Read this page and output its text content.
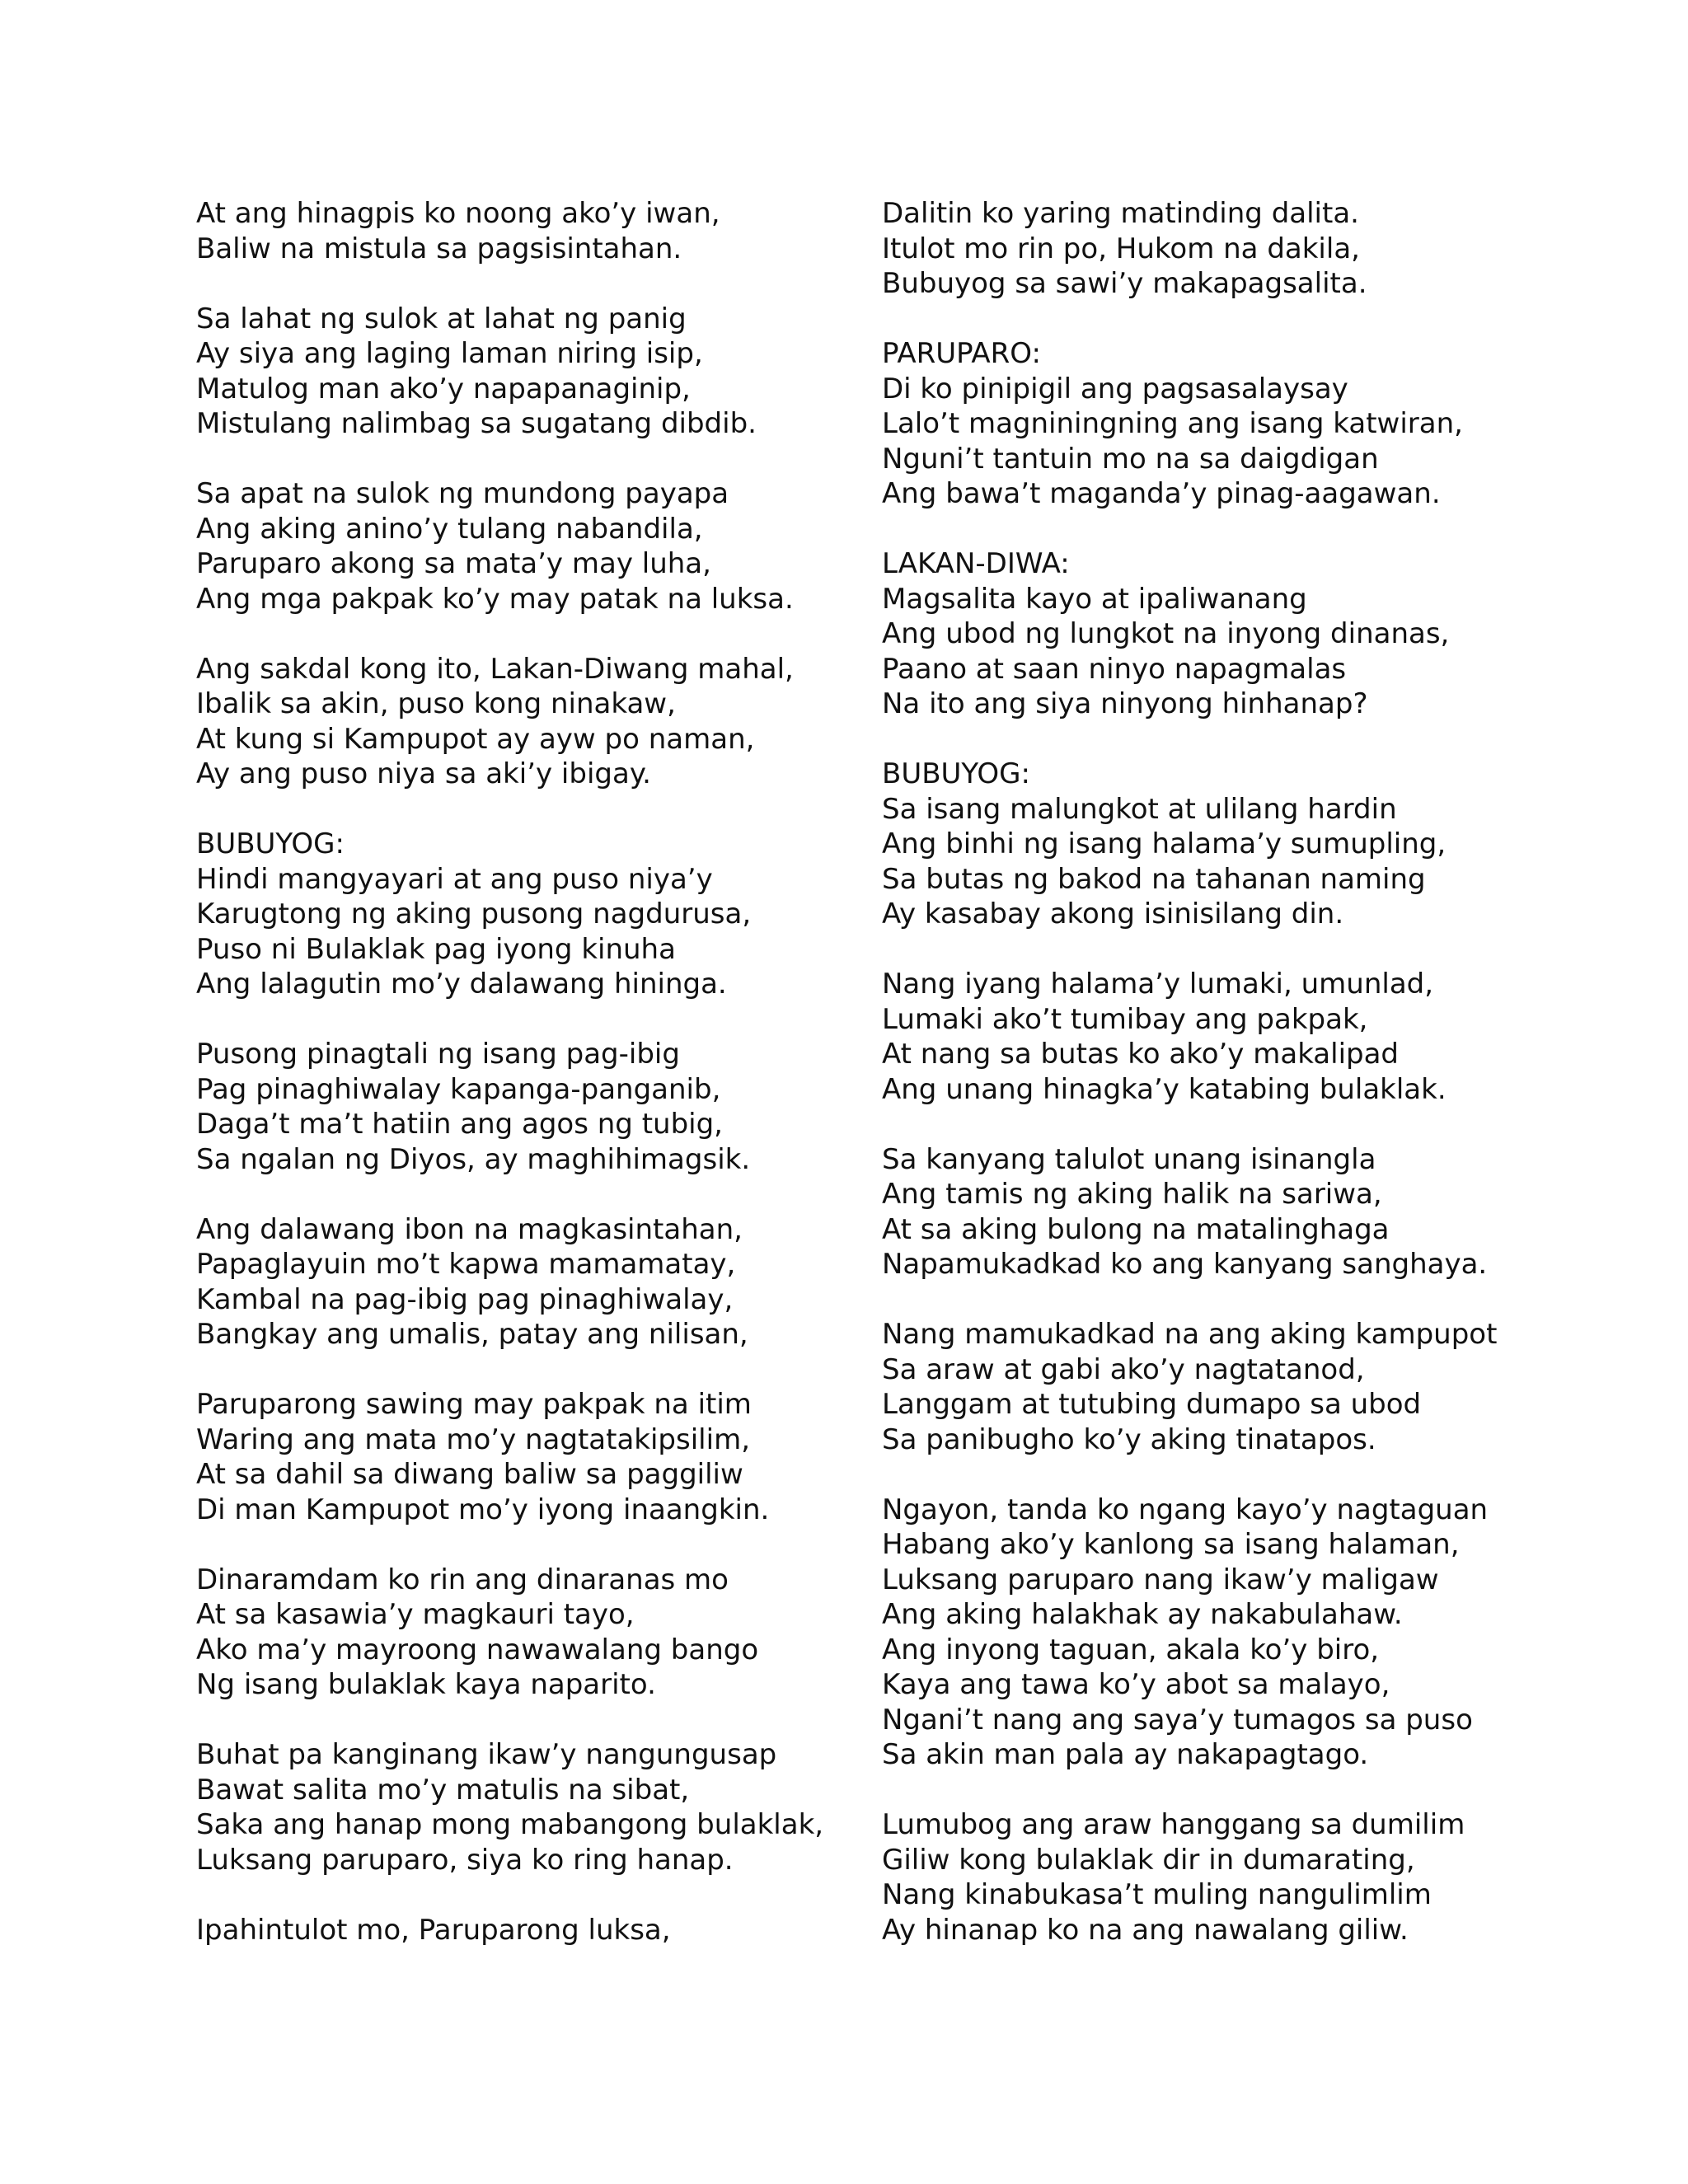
At ang hinagpis ko noong ako’y iwan,
Baliw na mistula sa pagsisintahan.
Sa lahat ng sulok at lahat ng panig
Ay siya ang laging laman niring isip,
Matulog man ako’y napapanaginip,
Mistulang nalimbag sa sugatang dibdib.
Sa apat na sulok ng mundong payapa
Ang aking anino’y tulang nabandila,
Paruparo akong sa mata’y may luha,
Ang mga pakpak ko’y may patak na luksa.
Ang sakdal kong ito, Lakan-Diwang mahal,
Ibalik sa akin, puso kong ninakaw,
At kung si Kampupot ay ayw po naman,
Ay ang puso niya sa aki’y ibigay.
BUBUYOG:
Hindi mangyayari at ang puso niya’y
Karugtong ng aking pusong nagdurusa,
Puso ni Bulaklak pag iyong kinuha
Ang lalagutin mo’y dalawang hininga.
Pusong pinagtali ng isang pag-ibig
Pag pinaghiwalay kapanga-panganib,
Daga’t ma’t hatiin ang agos ng tubig,
Sa ngalan ng Diyos, ay maghihimagsik.
Ang dalawang ibon na magkasintahan,
Papaglayuin mo’t kapwa mamamatay,
Kambal na pag-ibig pag pinaghiwalay,
Bangkay ang umalis, patay ang nilisan,
Paruparong sawing may pakpak na itim
Waring ang mata mo’y nagtatakipsilim,
At sa dahil sa diwang baliw sa paggiliw
Di man Kampupot mo’y iyong inaangkin.
Dinaramdam ko rin ang dinaranas mo
At sa kasawia’y magkauri tayo,
Ako ma’y mayroong nawawalang bango
Ng isang bulaklak kaya naparito.
Buhat pa kanginang ikaw’y nangungusap
Bawat salita mo’y matulis na sibat,
Saka ang hanap mong mabangong bulaklak,
Luksang paruparo, siya ko ring hanap.
Ipahintulot mo, Paruparong luksa,
Dalitin ko yaring matinding dalita.
Itulot mo rin po, Hukom na dakila,
Bubuyog sa sawi’y makapagsalita.
PARUPARO:
Di ko pinipigil ang pagsasalaysay
Lalo’t magniningning ang isang katwiran,
Nguni’t tantuin mo na sa daigdigan
Ang bawa’t maganda’y pinag-aagawan.
LAKAN-DIWA:
Magsalita kayo at ipaliwanang
Ang ubod ng lungkot na inyong dinanas,
Paano at saan ninyo napagmalas
Na ito ang siya ninyong hinhanap?
BUBUYOG:
Sa isang malungkot at ulilang hardin
Ang binhi ng isang halama’y sumupling,
Sa butas ng bakod na tahanan naming
Ay kasabay akong isinisilang din.
Nang iyang halama’y lumaki, umunlad,
Lumaki ako’t tumibay ang pakpak,
At nang sa butas ko ako’y makalipad
Ang unang hinagka’y katabing bulaklak.
Sa kanyang talulot unang isinangla
Ang tamis ng aking halik na sariwa,
At sa aking bulong na matalinghaga
Napamukadkad ko ang kanyang sanghaya.
Nang mamukadkad na ang aking kampupot
Sa araw at gabi ako’y nagtatanod,
Langgam at tutubing dumapo sa ubod
Sa panibugho ko’y aking tinatapos.
Ngayon, tanda ko ngang kayo’y nagtaguan
Habang ako’y kanlong sa isang halaman,
Luksang paruparo nang ikaw’y maligaw
Ang aking halakhak ay nakabulahaw.
Ang inyong taguan, akala ko’y biro,
Kaya ang tawa ko’y abot sa malayo,
Ngani’t nang ang saya’y tumagos sa puso
Sa akin man pala ay nakapagtago.
Lumubog ang araw hanggang sa dumilim
Giliw kong bulaklak dir in dumarating,
Nang kinabukasa’t muling nangulimlim
Ay hinanap ko na ang nawalang giliw.
